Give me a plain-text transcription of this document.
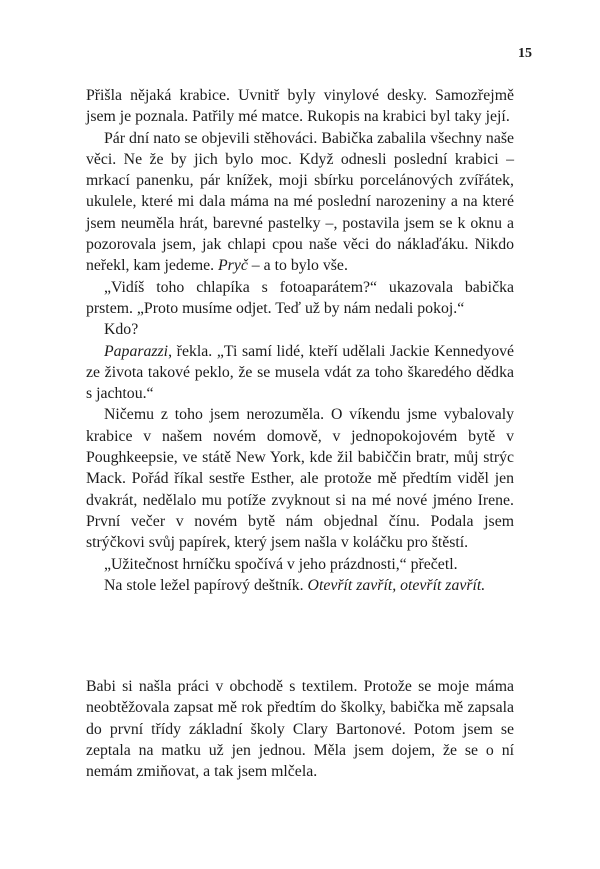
15

Přišla nějaká krabice. Uvnitř byly vinylové desky. Samozřejmě jsem je poznala. Patřily mé matce. Rukopis na krabici byl taky její.

Pár dní nato se objevili stěhováci. Babička zabalila všechny naše věci. Ne že by jich bylo moc. Když odnesli poslední krabici – mrkací panenku, pár knížek, moji sbírku porcelánových zvířátek, ukulele, které mi dala máma na mé poslední narozeniny a na které jsem neuměla hrát, barevné pastelky –, postavila jsem se k oknu a pozorovala jsem, jak chlapi cpou naše věci do náklaďáku. Nikdo neřekl, kam jedeme. Pryč – a to bylo vše.

„Vidíš toho chlapíka s fotoaparátem?“ ukazovala babička prstem. „Proto musíme odjet. Teď už by nám nedali pokoj.“

Kdo?

Paparazzi, řekla. „Ti samí lidé, kteří udělali Jackie Kennedyové ze života takové peklo, že se musela vdát za toho škaredého dědka s jachtou.“

Ničemu z toho jsem nerozuměla. O víkendu jsme vybalovaly krabice v našem novém domově, v jednopokojovém bytě v Poughkeepsie, ve státě New York, kde žil babiččin bratr, můj strýc Mack. Pořád říkal sestře Esther, ale protože mě předtím viděl jen dvakrát, nedělalo mu potíže zvyknout si na mé nové jméno Irene. První večer v novém bytě nám objednal čínu. Podala jsem strýčkovi svůj papírek, který jsem našla v koláčku pro štěstí.

„Užitečnost hrníčku spočívá v jeho prázdnosti,“ přečetl.

Na stole ležel papírový deštník. Otevřít zavřít, otevřít zavřít.

Babi si našla práci v obchodě s textilem. Protože se moje máma neobtěžovala zapsat mě rok předtím do školky, babička mě zapsala do první třídy základní školy Clary Bartonové. Potom jsem se zeptala na matku už jen jednou. Měla jsem dojem, že se o ní nemám zmiňovat, a tak jsem mlčela.
